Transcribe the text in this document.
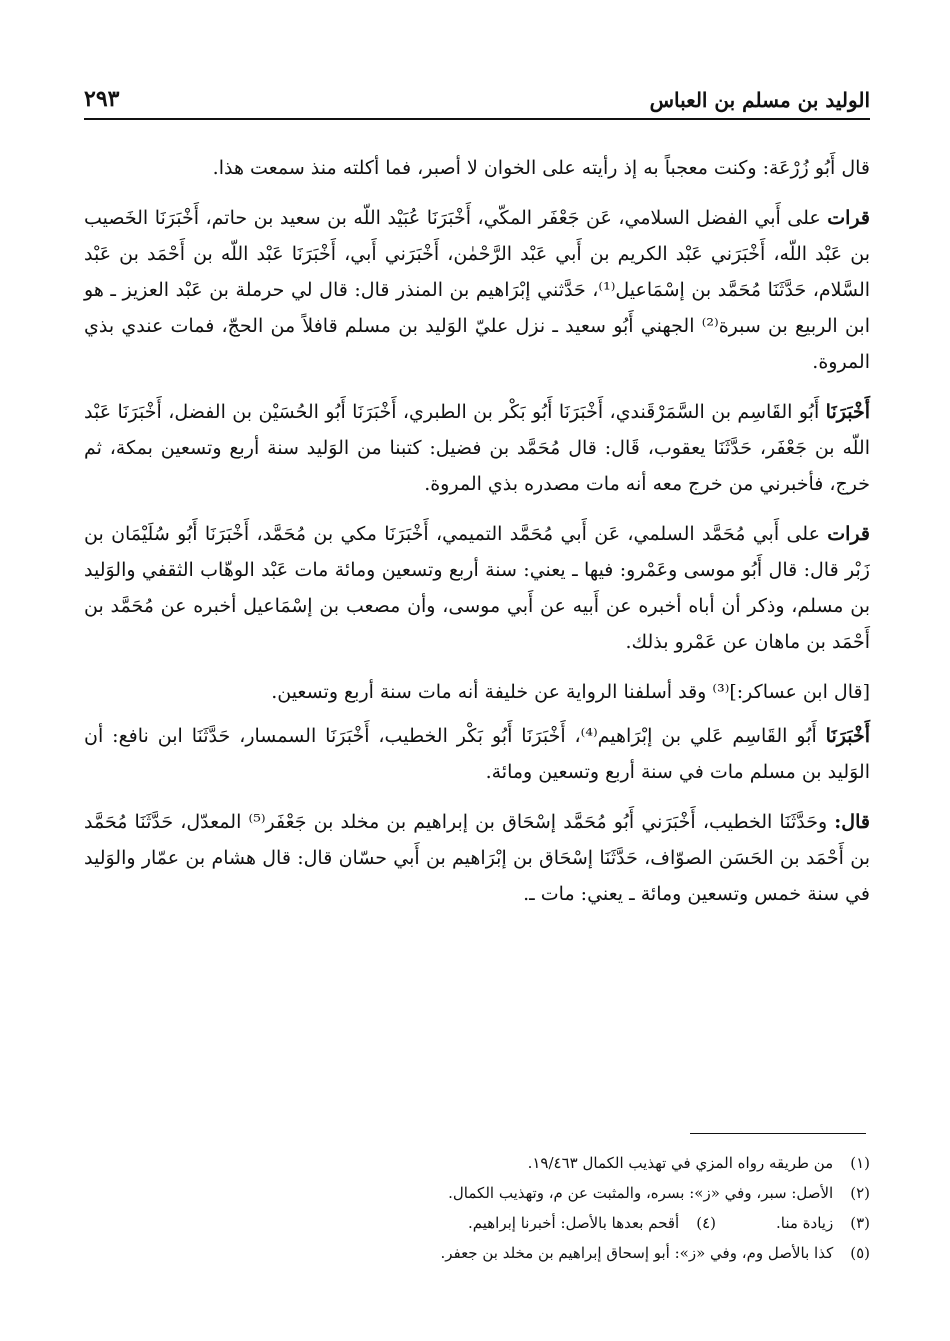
الوليد بن مسلم بن العباس
٢٩٣

قال أَبُو زُرْعَة: وكنت معجباً به إذ رأيته على الخوان لا أصبر، فما أكلته منذ سمعت هذا.

قرات على أَبي الفضل السلامي، عَن جَعْفَر المكّي، أَخْبَرَنَا عُبَيْد اللّه بن سعيد بن حاتم، أَخْبَرَنَا الخَصيب بن عَبْد اللّه، أَخْبَرَني عَبْد الكريم بن أَبي عَبْد الرَّحْمٰن، أَخْبَرَني أَبي، أَخْبَرَنَا عَبْد اللّه بن أَحْمَد بن عَبْد السَّلام، حَدَّثَنَا مُحَمَّد بن إسْمَاعيل⁽¹⁾، حَدَّثني إبْرَاهيم بن المنذر قال: قال لي حرملة بن عَبْد العزيز ـ هو ابن الربيع بن سبرة⁽²⁾ الجهني أَبُو سعيد ـ نزل عليّ الوَليد بن مسلم قافلاً من الحجّ، فمات عندي بذي المروة.

أَخْبَرَنَا أَبُو القَاسِم بن السَّمَرْقَندي، أَخْبَرَنَا أَبُو بَكْر بن الطبري، أَخْبَرَنَا أَبُو الحُسَيْن بن الفضل، أَخْبَرَنَا عَبْد اللّه بن جَعْفَر، حَدَّثَنَا يعقوب، قَال: قال مُحَمَّد بن فضيل: كتبنا من الوَليد سنة أربع وتسعين بمكة، ثم خرج، فأخبرني من خرج معه أنه مات مصدره بذي المروة.

قرات على أَبي مُحَمَّد السلمي، عَن أَبي مُحَمَّد التميمي، أَخْبَرَنَا مكي بن مُحَمَّد، أَخْبَرَنَا أَبُو سُلَيْمَان بن زَبْر قال: قال أَبُو موسى وعَمْرو: فيها ـ يعني: سنة أربع وتسعين ومائة مات عَبْد الوهّاب الثقفي والوَليد بن مسلم، وذكر أن أباه أخبره عن أَبيه عن أَبي موسى، وأن مصعب بن إسْمَاعيل أخبره عن مُحَمَّد بن أَحْمَد بن ماهان عن عَمْرو بذلك.

[قال ابن عساكر:]⁽³⁾ وقد أسلفنا الرواية عن خليفة أنه مات سنة أربع وتسعين.

أَخْبَرَنَا أَبُو القَاسِم عَلي بن إبْرَاهيم⁽⁴⁾، أَخْبَرَنَا أَبُو بَكْر الخطيب، أَخْبَرَنَا السمسار، حَدَّثَنَا ابن نافع: أن الوَليد بن مسلم مات في سنة أربع وتسعين ومائة.

قال: وحَدَّثَنَا الخطيب، أَخْبَرَني أَبُو مُحَمَّد إسْحَاق بن إبراهيم بن مخلد بن جَعْفَر⁽⁵⁾ المعدّل، حَدَّثَنَا مُحَمَّد بن أَحْمَد بن الحَسَن الصوّاف، حَدَّثَنَا إسْحَاق بن إبْرَاهيم بن أَبي حسّان قال: قال هشام بن عمّار والوَليد في سنة خمس وتسعين ومائة ـ يعني: مات ـ.

(١) من طريقه رواه المزي في تهذيب الكمال ١٩/٤٦٣.
(٢) الأصل: سبر، وفي «ز»: بسره، والمثبت عن م، وتهذيب الكمال.
(٣) زيادة منا.
(٤) أقحم بعدها بالأصل: أخبرنا إبراهيم.
(٥) كذا بالأصل وم، وفي «ز»: أبو إسحاق إبراهيم بن مخلد بن جعفر.
